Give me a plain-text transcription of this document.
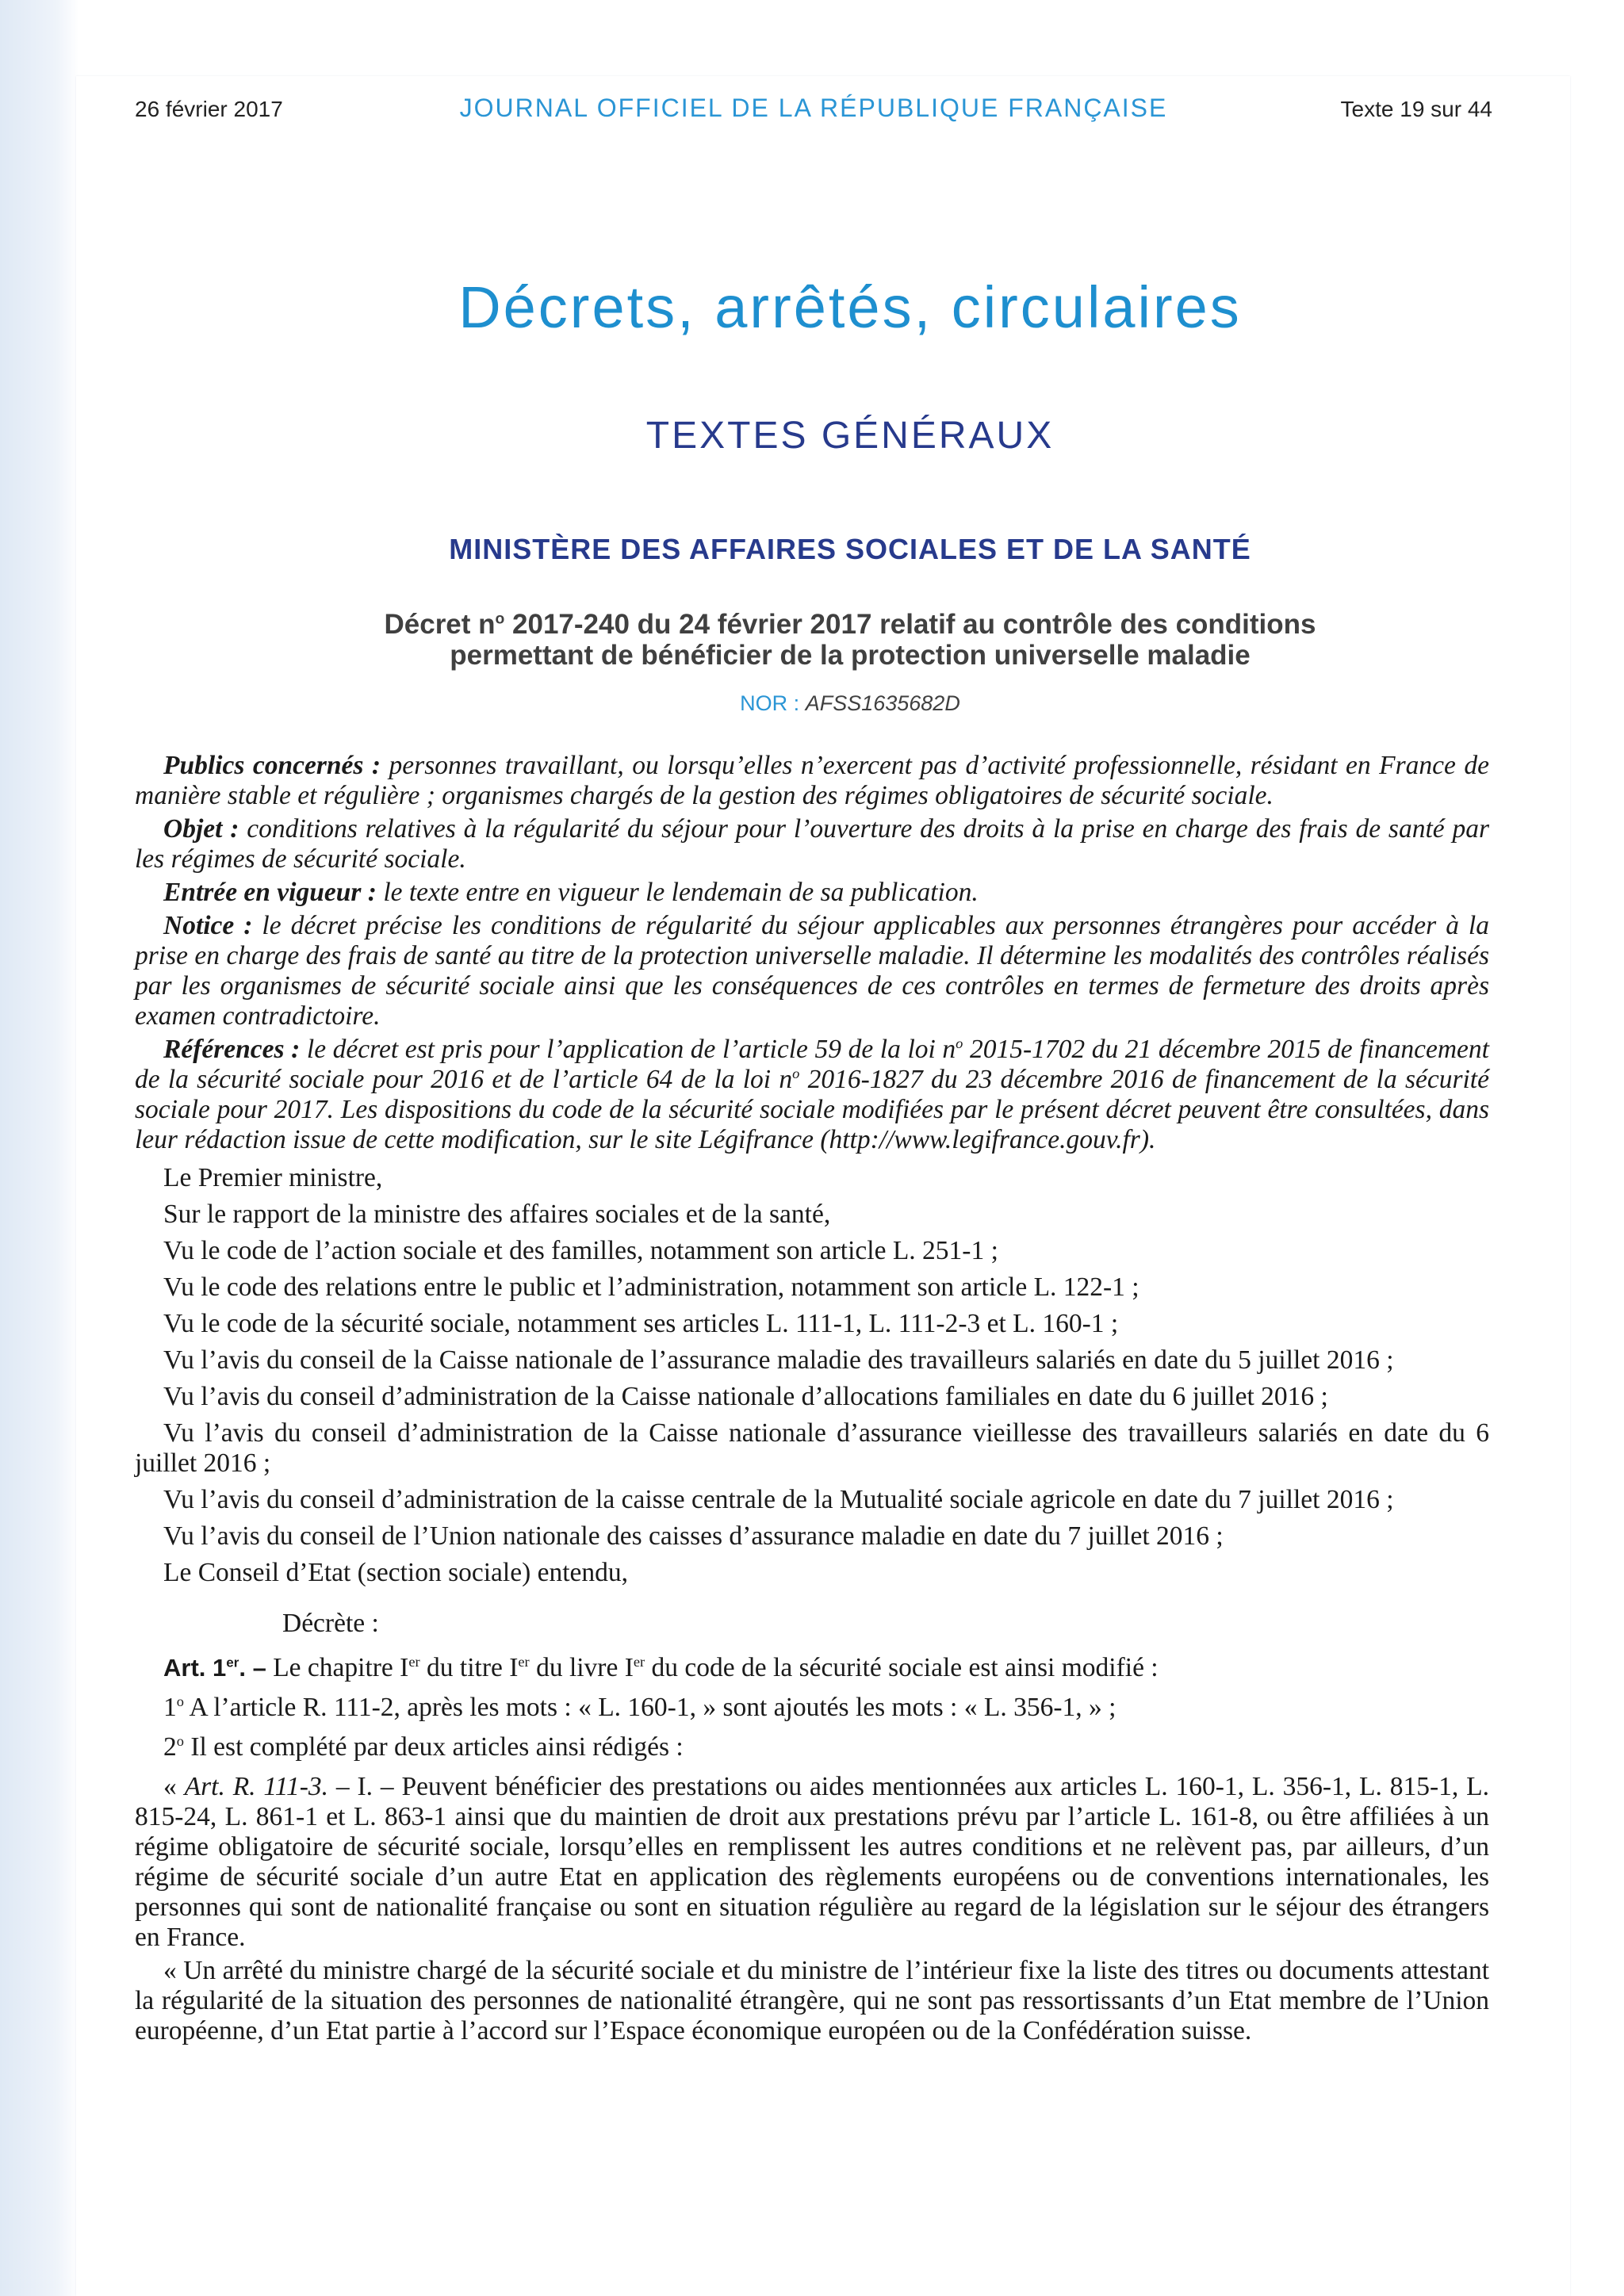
26 février 2017	JOURNAL OFFICIEL DE LA RÉPUBLIQUE FRANÇAISE	Texte 19 sur 44
Décrets, arrêtés, circulaires
TEXTES GÉNÉRAUX
MINISTÈRE DES AFFAIRES SOCIALES ET DE LA SANTÉ
Décret $n^o$ 2017-240 du 24 février 2017 relatif au contrôle des conditions
permettant de bénéficier de la protection universelle maladie
NOR : AFSS1635682D

Publics concernés : personnes travaillant, ou lorsqu’elles n’exercent pas d’activité professionnelle, résidant en France de manière stable et régulière ; organismes chargés de la gestion des régimes obligatoires de sécurité sociale.

Objet : conditions relatives à la régularité du séjour pour l’ouverture des droits à la prise en charge des frais de santé par les régimes de sécurité sociale.

Entrée en vigueur : le texte entre en vigueur le lendemain de sa publication.

Notice : le décret précise les conditions de régularité du séjour applicables aux personnes étrangères pour accéder à la prise en charge des frais de santé au titre de la protection universelle maladie. Il détermine les modalités des contrôles réalisés par les organismes de sécurité sociale ainsi que les conséquences de ces contrôles en termes de fermeture des droits après examen contradictoire.

Références : le décret est pris pour l’application de l’article 59 de la loi $n^o$ 2015-1702 du 21 décembre 2015 de financement de la sécurité sociale pour 2016 et de l’article 64 de la loi $n^o$ 2016-1827 du 23 décembre 2016 de financement de la sécurité sociale pour 2017. Les dispositions du code de la sécurité sociale modifiées par le présent décret peuvent être consultées, dans leur rédaction issue de cette modification, sur le site Légifrance (http://www.legifrance.gouv.fr).

Le Premier ministre,

Sur le rapport de la ministre des affaires sociales et de la santé,

Vu le code de l’action sociale et des familles, notamment son article L. 251-1 ;

Vu le code des relations entre le public et l’administration, notamment son article L. 122-1 ;

Vu le code de la sécurité sociale, notamment ses articles L. 111-1, L. 111-2-3 et L. 160-1 ;

Vu l’avis du conseil de la Caisse nationale de l’assurance maladie des travailleurs salariés en date du 5 juillet 2016 ;

Vu l’avis du conseil d’administration de la Caisse nationale d’allocations familiales en date du 6 juillet 2016 ;

Vu l’avis du conseil d’administration de la Caisse nationale d’assurance vieillesse des travailleurs salariés en date du 6 juillet 2016 ;

Vu l’avis du conseil d’administration de la caisse centrale de la Mutualité sociale agricole en date du 7 juillet 2016 ;

Vu l’avis du conseil de l’Union nationale des caisses d’assurance maladie en date du 7 juillet 2016 ;

Le Conseil d’Etat (section sociale) entendu,

Décrète :

Art. 1er. – Le chapitre Ier du titre Ier du livre Ier du code de la sécurité sociale est ainsi modifié :

1$^o$ A l’article R. 111-2, après les mots : « L. 160-1, » sont ajoutés les mots : « L. 356-1, » ;

2$^o$ Il est complété par deux articles ainsi rédigés :

« Art. R. 111-3. – I. – Peuvent bénéficier des prestations ou aides mentionnées aux articles L. 160-1, L. 356-1, L. 815-1, L. 815-24, L. 861-1 et L. 863-1 ainsi que du maintien de droit aux prestations prévu par l’article L. 161-8, ou être affiliées à un régime obligatoire de sécurité sociale, lorsqu’elles en remplissent les autres conditions et ne relèvent pas, par ailleurs, d’un régime de sécurité sociale d’un autre Etat en application des règlements européens ou de conventions internationales, les personnes qui sont de nationalité française ou sont en situation régulière au regard de la législation sur le séjour des étrangers en France.

« Un arrêté du ministre chargé de la sécurité sociale et du ministre de l’intérieur fixe la liste des titres ou documents attestant la régularité de la situation des personnes de nationalité étrangère, qui ne sont pas ressortissants d’un Etat membre de l’Union européenne, d’un Etat partie à l’accord sur l’Espace économique européen ou de la Confédération suisse.
